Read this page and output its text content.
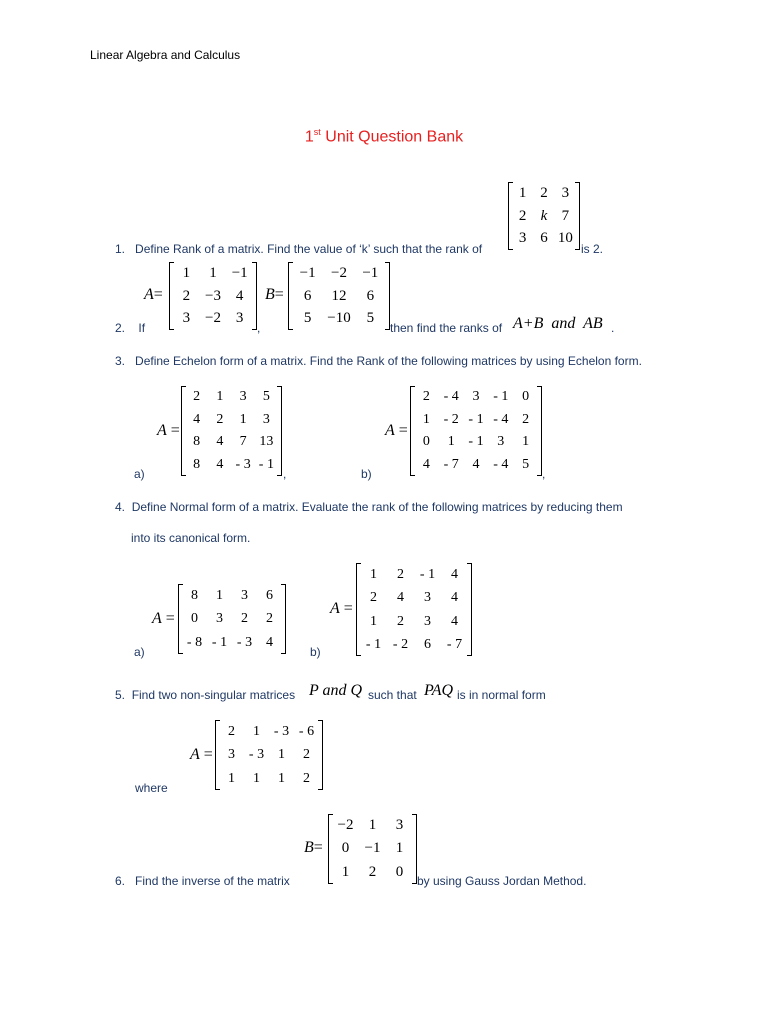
Linear Algebra and Calculus
1st Unit Question Bank
1. Define Rank of a matrix. Find the value of ‘k’ such that the rank of
1 2 3
2 k 7
3 6 10
is 2.
2. If
A=
1	1 −1
2 −3 4
3 −2 3
,
B=
−1	−2	−1
6	12	6
5	−10	5
then find the ranks of A+B and AB .
3. Define Echelon form of a matrix. Find the Rank of the following matrices by using Echelon form.
A =
2	1	3	5
4	2	1	3
8	4	7 13
8	4 - 3 - 1
a)	,
A =
2 - 4 3 - 1 0
1 - 2 - 1 - 4 2
0	1 - 1 3	1
4 - 7 4 - 4 5
b)	,
4. Define Normal form of a matrix. Evaluate the rank of the following matrices by reducing them
into its canonical form.
A =
8	1	3	6
0	3	2	2
- 8 - 1 - 3 4
a)
A =
1	2	- 1	4
2	4	3	4
1	2	3	4
- 1 - 2	6	- 7
b)
5. Find two non-singular matrices P and Q such that PAQ is in normal form
A =
2	1 - 3 - 6
3 - 3 1	2
1	1	1	2
where
B=
−2	1	3
0	−1	1
1	2	0
6. Find the inverse of the matrix	by using Gauss Jordan Method.
